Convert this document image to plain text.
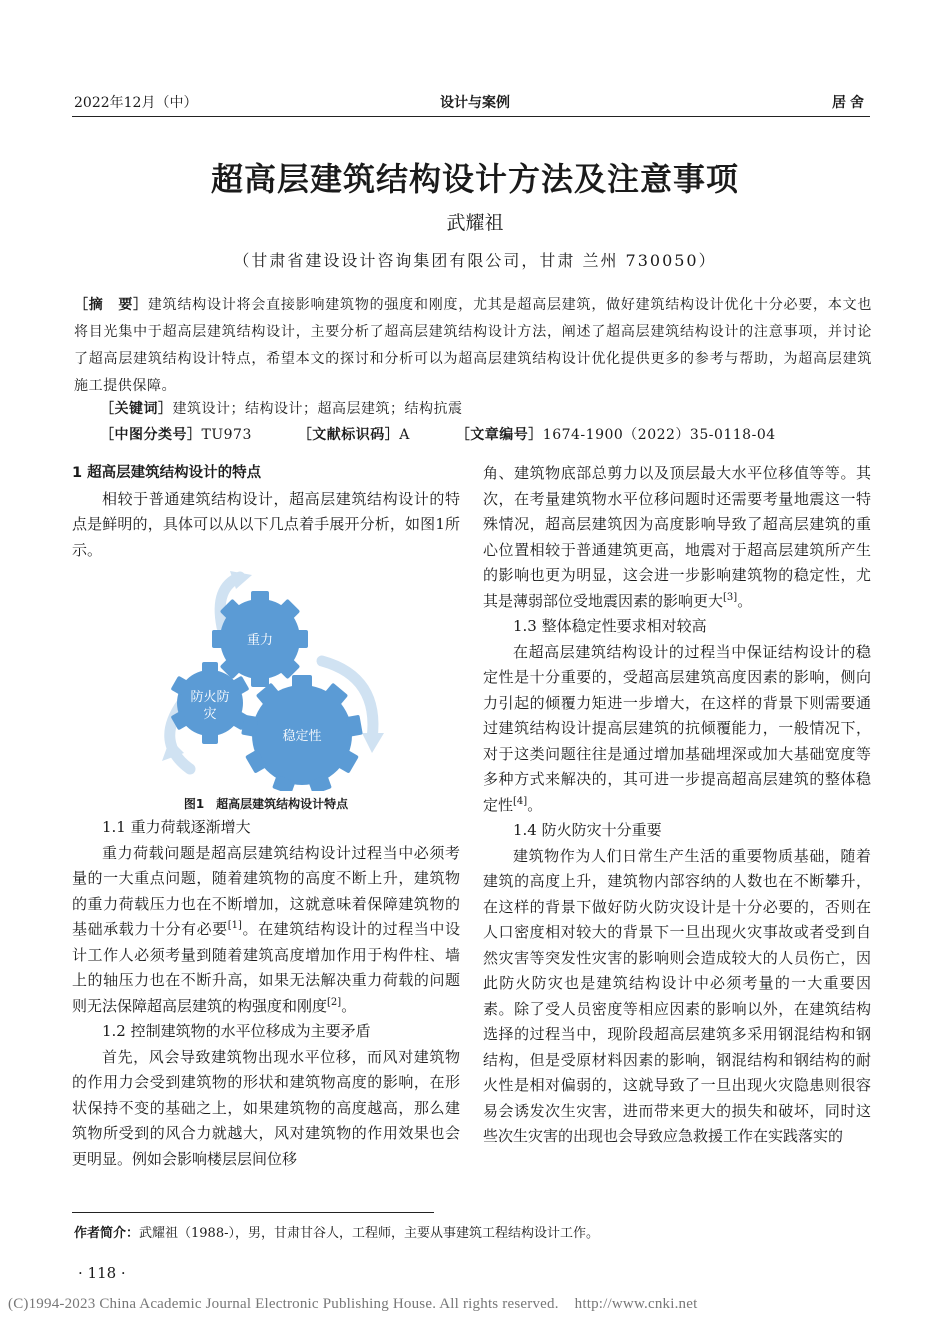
2022年12月（中）	设计与案例	居舍
超高层建筑结构设计方法及注意事项
武耀祖
（甘肃省建设设计咨询集团有限公司，甘肃 兰州 730050）
［摘　要］建筑结构设计将会直接影响建筑物的强度和刚度，尤其是超高层建筑，做好建筑结构设计优化十分必要，本文也将目光集中于超高层建筑结构设计，主要分析了超高层建筑结构设计方法，阐述了超高层建筑结构设计的注意事项，并讨论了超高层建筑结构设计特点，希望本文的探讨和分析可以为超高层建筑结构设计优化提供更多的参考与帮助，为超高层建筑施工提供保障。
［关键词］建筑设计；结构设计；超高层建筑；结构抗震
［中图分类号］TU973	［文献标识码］A	［文章编号］1674-1900（2022）35-0118-04

1 超高层建筑结构设计的特点

相较于普通建筑结构设计，超高层建筑结构设计的特点是鲜明的，具体可以从以下几点着手展开分析，如图1所示。

重力
防火防灾
稳定性
图1　超高层建筑结构设计特点

1.1 重力荷载逐渐增大

重力荷载问题是超高层建筑结构设计过程当中必须考量的一大重点问题，随着建筑物的高度不断上升，建筑物的重力荷载压力也在不断增加，这就意味着保障建筑物的基础承载力十分有必要[1]。在建筑结构设计的过程当中设计工作人必须考量到随着建筑高度增加作用于构件柱、墙上的轴压力也在不断升高，如果无法解决重力荷载的问题则无法保障超高层建筑的构强度和刚度[2]。

1.2 控制建筑物的水平位移成为主要矛盾

首先，风会导致建筑物出现水平位移，而风对建筑物的作用力会受到建筑物的形状和建筑物高度的影响，在形状保持不变的基础之上，如果建筑物的高度越高，那么建筑物所受到的风合力就越大，风对建筑物的作用效果也会更明显。例如会影响楼层层间位移

角、建筑物底部总剪力以及顶层最大水平位移值等等。其次，在考量建筑物水平位移问题时还需要考量地震这一特殊情况，超高层建筑因为高度影响导致了超高层建筑的重心位置相较于普通建筑更高，地震对于超高层建筑所产生的影响也更为明显，这会进一步影响建筑物的稳定性，尤其是薄弱部位受地震因素的影响更大[3]。

1.3 整体稳定性要求相对较高

在超高层建筑结构设计的过程当中保证结构设计的稳定性是十分重要的，受超高层建筑高度因素的影响，侧向力引起的倾覆力矩进一步增大，在这样的背景下则需要通过建筑结构设计提高层建筑的抗倾覆能力，一般情况下，对于这类问题往往是通过增加基础埋深或加大基础宽度等多种方式来解决的，其可进一步提高超高层建筑的整体稳定性[4]。

1.4 防火防灾十分重要

建筑物作为人们日常生产生活的重要物质基础，随着建筑的高度上升，建筑物内部容纳的人数也在不断攀升，在这样的背景下做好防火防灾设计是十分必要的，否则在人口密度相对较大的背景下一旦出现火灾事故或者受到自然灾害等突发性灾害的影响则会造成较大的人员伤亡，因此防火防灾也是建筑结构设计中必须考量的一大重要因素。除了受人员密度等相应因素的影响以外，在建筑结构选择的过程当中，现阶段超高层建筑多采用钢混结构和钢结构，但是受原材料因素的影响，钢混结构和钢结构的耐火性是相对偏弱的，这就导致了一旦出现火灾隐患则很容易会诱发次生灾害，进而带来更大的损失和破坏，同时这些次生灾害的出现也会导致应急救援工作在实践落实的

作者简介：武耀祖（1988-），男，甘肃甘谷人，工程师，主要从事建筑工程结构设计工作。
· 118 ·
(C)1994-2023 China Academic Journal Electronic Publishing House. All rights reserved. http://www.cnki.net
